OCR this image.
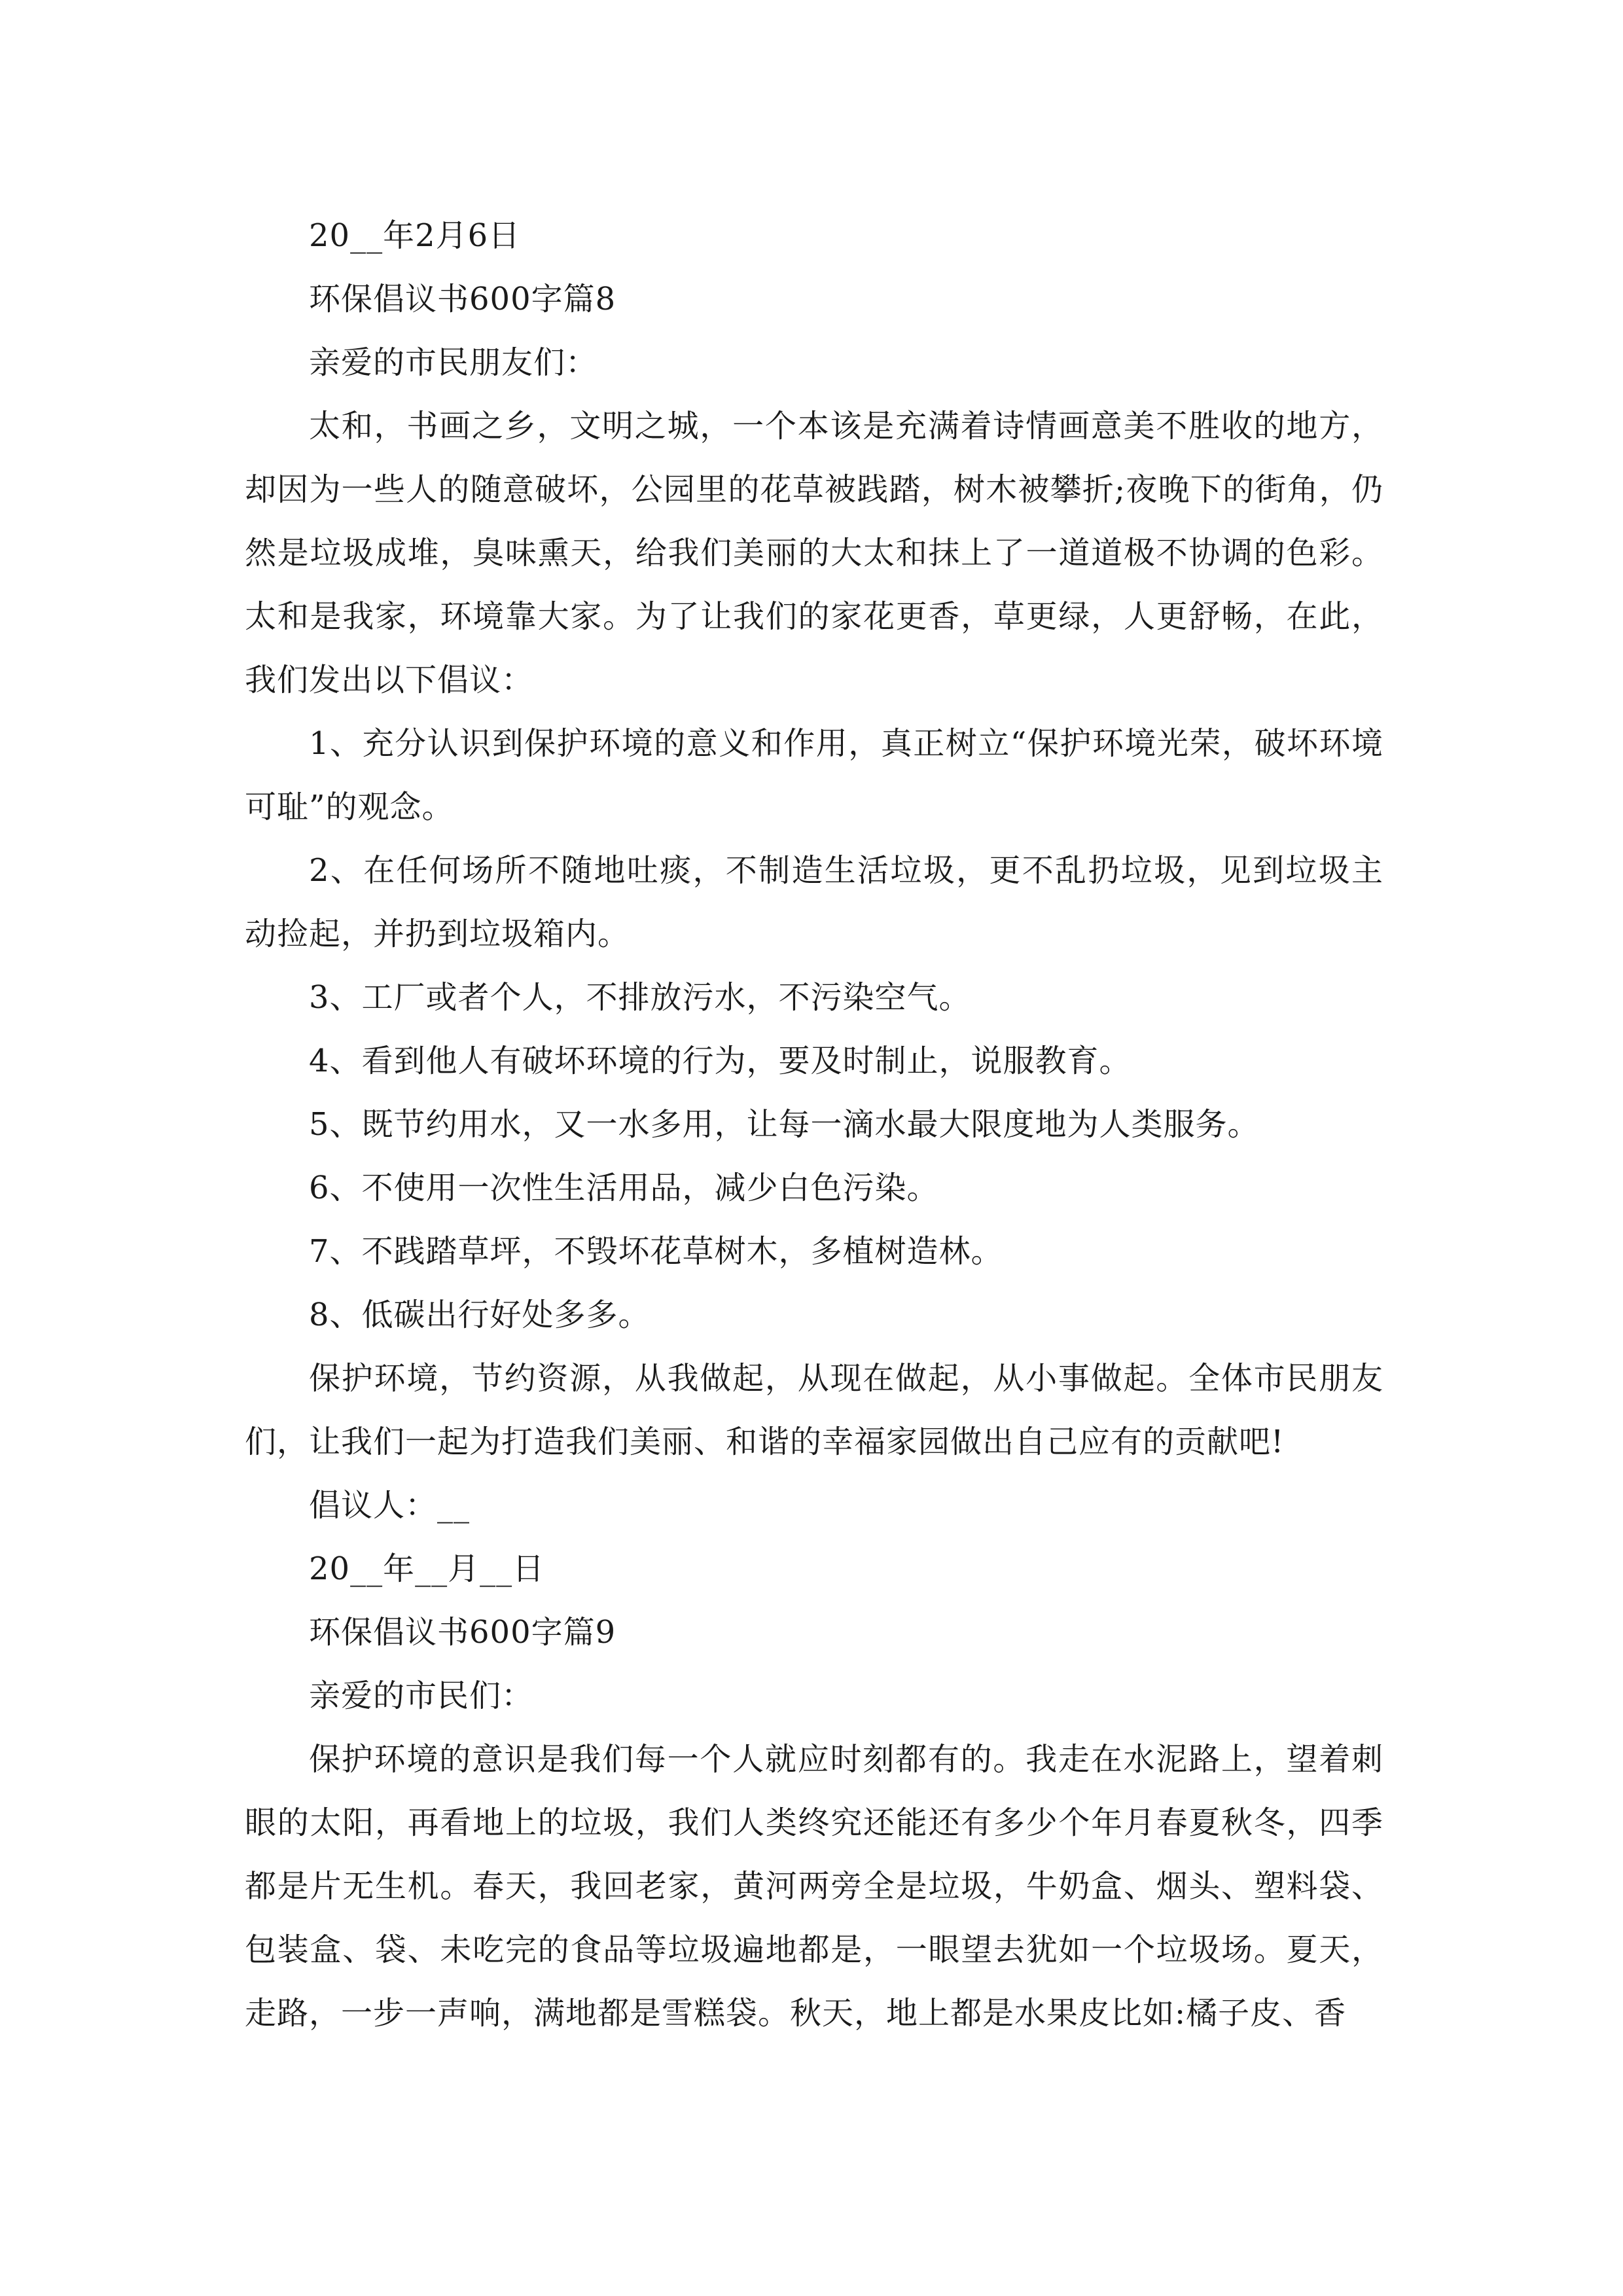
20__年2月6日

环保倡议书600字篇8

亲爱的市民朋友们：

太和，书画之乡，文明之城，一个本该是充满着诗情画意美不胜收的地方，却因为一些人的随意破坏，公园里的花草被践踏，树木被攀折;夜晚下的街角，仍然是垃圾成堆，臭味熏天，给我们美丽的大太和抹上了一道道极不协调的色彩。太和是我家，环境靠大家。为了让我们的家花更香，草更绿，人更舒畅，在此，我们发出以下倡议：

1、充分认识到保护环境的意义和作用，真正树立“保护环境光荣，破坏环境可耻”的观念。

2、在任何场所不随地吐痰，不制造生活垃圾，更不乱扔垃圾，见到垃圾主动捡起，并扔到垃圾箱内。

3、工厂或者个人，不排放污水，不污染空气。

4、看到他人有破坏环境的行为，要及时制止，说服教育。

5、既节约用水，又一水多用，让每一滴水最大限度地为人类服务。

6、不使用一次性生活用品，减少白色污染。

7、不践踏草坪，不毁坏花草树木，多植树造林。

8、低碳出行好处多多。

保护环境，节约资源，从我做起，从现在做起，从小事做起。全体市民朋友们，让我们一起为打造我们美丽、和谐的幸福家园做出自己应有的贡献吧!

倡议人：__

20__年__月__日

环保倡议书600字篇9

亲爱的市民们：

保护环境的意识是我们每一个人就应时刻都有的。我走在水泥路上，望着刺眼的太阳，再看地上的垃圾，我们人类终究还能还有多少个年月春夏秋冬，四季都是片无生机。春天，我回老家，黄河两旁全是垃圾，牛奶盒、烟头、塑料袋、包装盒、袋、未吃完的食品等垃圾遍地都是，一眼望去犹如一个垃圾场。夏天，走路，一步一声响，满地都是雪糕袋。秋天，地上都是水果皮比如:橘子皮、香
